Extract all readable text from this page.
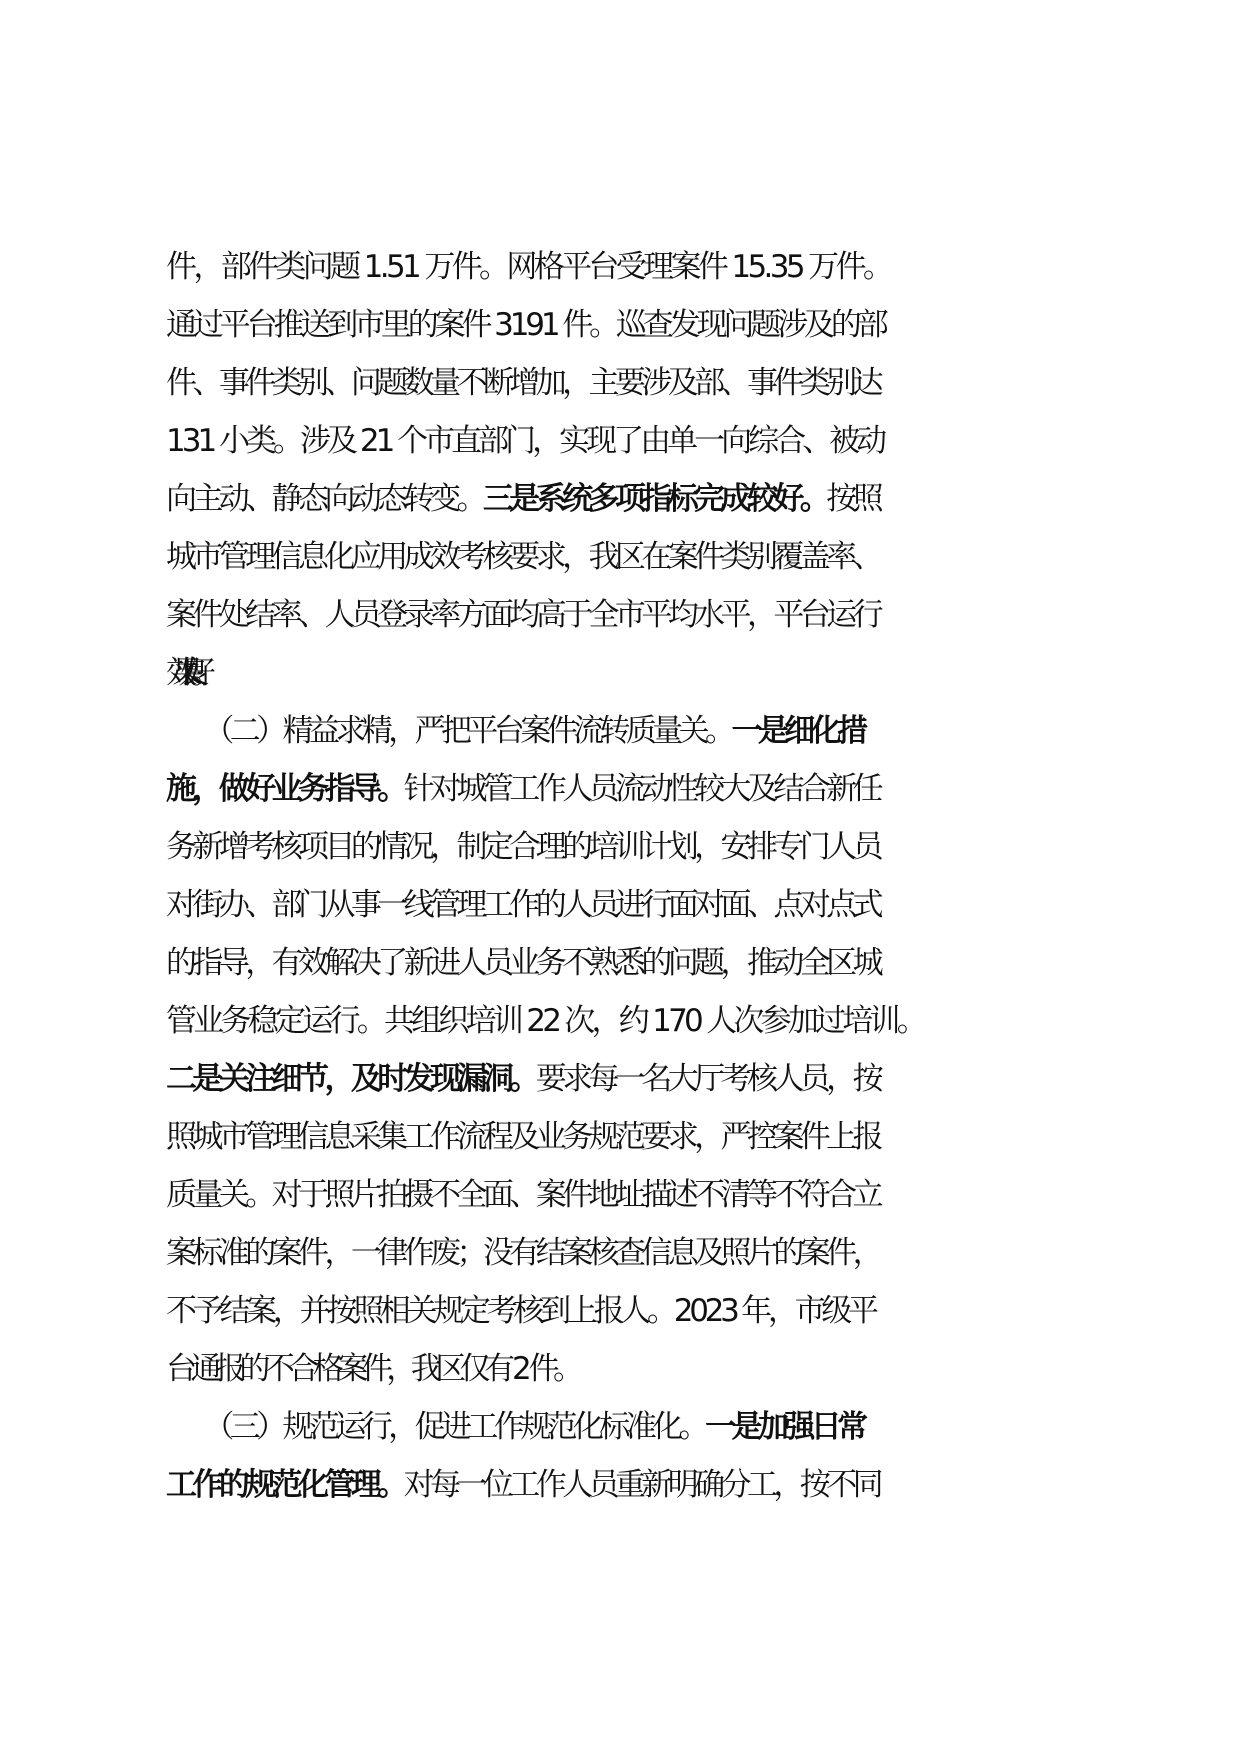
件，部件类问题 1.51 万件。网格平台受理案件 15.35 万件。
通过平台推送到市里的案件 3191 件。巡查发现问题涉及的部
件、事件类别、问题数量不断增加，主要涉及部、事件类别达
131 小类。涉及 21 个市直部门，实现了由单一向综合、被动
向主动、静态向动态转变。三是系统多项指标完成较好。按照
城市管理信息化应用成效考核要求，我区在案件类别覆盖率、
案件处结率、人员登录率方面均高于全市平均水平，平台运行
效果良好。
　　（二）精益求精，严把平台案件流转质量关。一是细化措
施，做好业务指导。针对城管工作人员流动性较大及结合新任
务新增考核项目的情况，制定合理的培训计划，安排专门人员
对街办、部门从事一线管理工作的人员进行面对面、点对点式
的指导，有效解决了新进人员业务不熟悉的问题，推动全区城
管业务稳定运行。共组织培训 22 次，约 170 人次参加过培训。
二是关注细节，及时发现漏洞。要求每一名大厅考核人员，按
照城市管理信息采集工作流程及业务规范要求，严控案件上报
质量关。对于照片拍摄不全面、案件地址描述不清等不符合立
案标准的案件，一律作废；没有结案核查信息及照片的案件，
不予结案，并按照相关规定考核到上报人。2023 年，市级平
台通报的不合格案件，我区仅有 2 件。
　　（三）规范运行，促进工作规范化标准化。一是加强日常
工作的规范化管理。对每一位工作人员重新明确分工，按不同
